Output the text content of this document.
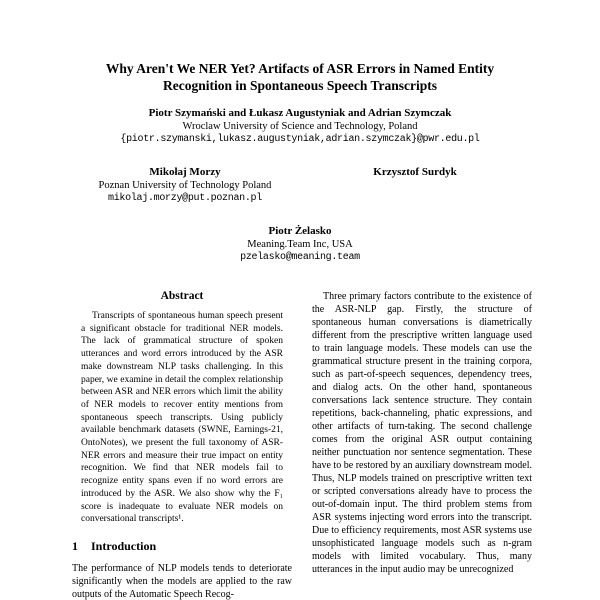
Why Aren't We NER Yet? Artifacts of ASR Errors in Named Entity Recognition in Spontaneous Speech Transcripts
Piotr Szymański and Łukasz Augustyniak and Adrian Szymczak
Wroclaw University of Science and Technology, Poland
{piotr.szymanski,lukasz.augustyniak,adrian.szymczak}@pwr.edu.pl
Mikołaj Morzy
Poznan University of Technology Poland
mikolaj.morzy@put.poznan.pl
Krzysztof Surdyk
Piotr Żelasko
Meaning.Team Inc, USA
pzelasko@meaning.team
Abstract

Transcripts of spontaneous human speech present a significant obstacle for traditional NER models. The lack of grammatical structure of spoken utterances and word errors introduced by the ASR make downstream NLP tasks challenging. In this paper, we examine in detail the complex relationship between ASR and NER errors which limit the ability of NER models to recover entity mentions from spontaneous speech transcripts. Using publicly available benchmark datasets (SWNE, Earnings-21, OntoNotes), we present the full taxonomy of ASR-NER errors and measure their true impact on entity recognition. We find that NER models fail to recognize entity spans even if no word errors are introduced by the ASR. We also show why the F₁ score is inadequate to evaluate NER models on conversational transcripts¹.

1 Introduction

The performance of NLP models tends to deteriorate significantly when the models are applied to the raw outputs of the Automatic Speech Recog-

Three primary factors contribute to the existence of the ASR-NLP gap. Firstly, the structure of spontaneous human conversations is diametrically different from the prescriptive written language used to train language models. These models can use the grammatical structure present in the training corpora, such as part-of-speech sequences, dependency trees, and dialog acts. On the other hand, spontaneous conversations lack sentence structure. They contain repetitions, back-channeling, phatic expressions, and other artifacts of turn-taking. The second challenge comes from the original ASR output containing neither punctuation nor sentence segmentation. These have to be restored by an auxiliary downstream model. Thus, NLP models trained on prescriptive written text or scripted conversations already have to process the out-of-domain input. The third problem stems from ASR systems injecting word errors into the transcript. Due to efficiency requirements, most ASR systems use unsophisticated language models such as n-gram models with limited vocabulary. Thus, many utterances in the input audio may be unrecognized
